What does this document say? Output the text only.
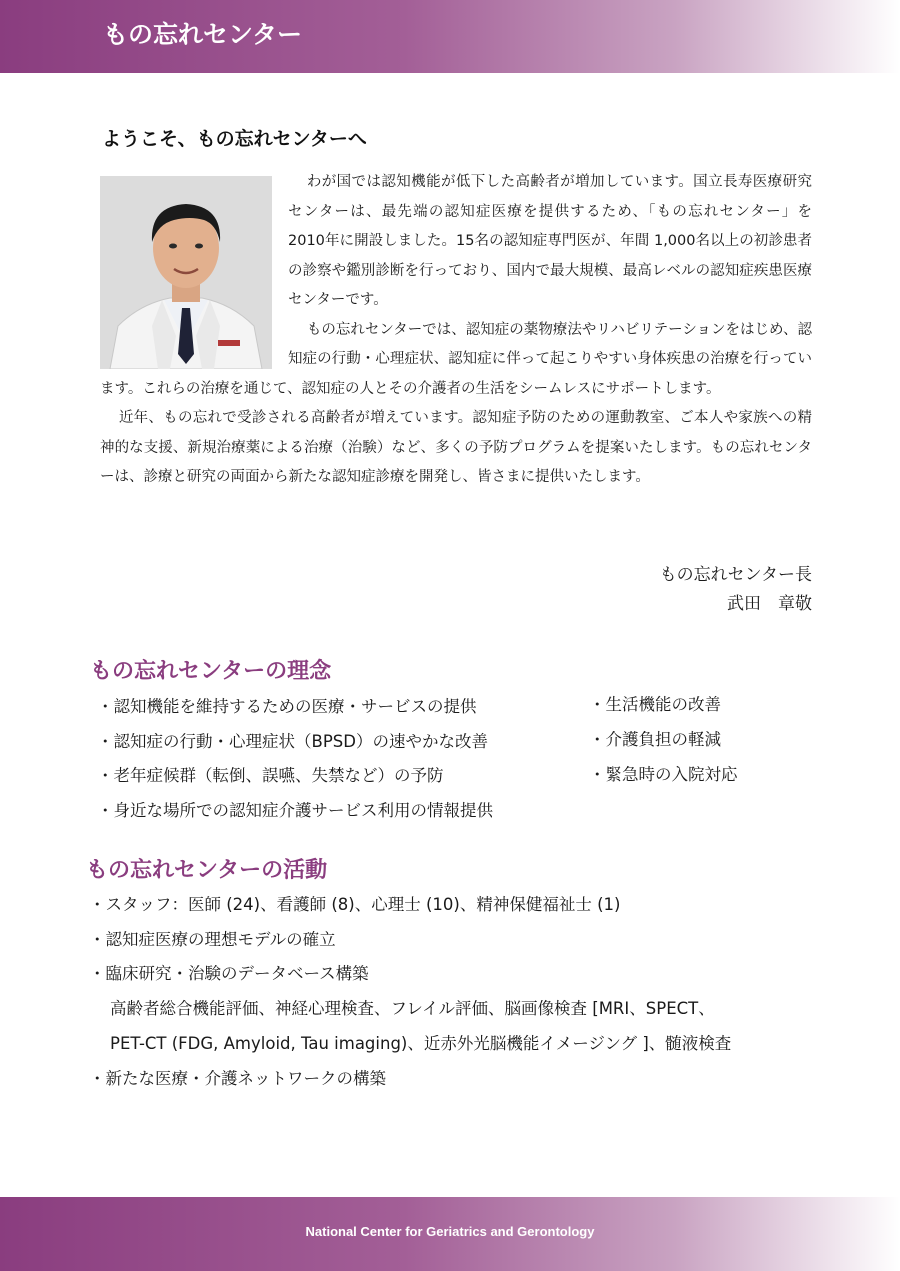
もの忘れセンター
ようこそ、もの忘れセンターへ

わが国では認知機能が低下した高齢者が増加しています。国立長寿医療研究センターは、最先端の認知症医療を提供するため、「もの忘れセンター」を 2010年に開設しました。15名の認知症専門医が、年間 1,000名以上の初診患者の診察や鑑別診断を行っており、国内で最大規模、最高レベルの認知症疾患医療センターです。

もの忘れセンターでは、認知症の薬物療法やリハビリテーションをはじめ、認知症の行動・心理症状、認知症に伴って起こりやすい身体疾患の治療を行っています。これらの治療を通じて、認知症の人とその介護者の生活をシームレスにサポートします。

近年、もの忘れで受診される高齢者が増えています。認知症予防のための運動教室、ご本人や家族への精神的な支援、新規治療薬による治療（治験）など、多くの予防プログラムを提案いたします。もの忘れセンターは、診療と研究の両面から新たな認知症診療を開発し、皆さまに提供いたします。

もの忘れセンター長
武田　章敬
もの忘れセンターの理念
・認知機能を維持するための医療・サービスの提供
・認知症の行動・心理症状（BPSD）の速やかな改善
・老年症候群（転倒、誤嚥、失禁など）の予防
・身近な場所での認知症介護サービス利用の情報提供
・生活機能の改善
・介護負担の軽減
・緊急時の入院対応
もの忘れセンターの活動
・スタッフ：医師 (24)、看護師 (8)、心理士 (10)、精神保健福祉士 (1)
・認知症医療の理想モデルの確立
・臨床研究・治験のデータベース構築
高齢者総合機能評価、神経心理検査、フレイル評価、脳画像検査 [MRI、SPECT、
PET-CT (FDG, Amyloid, Tau imaging)、近赤外光脳機能イメージング ]、髄液検査
・新たな医療・介護ネットワークの構築
National Center for Geriatrics and Gerontology
